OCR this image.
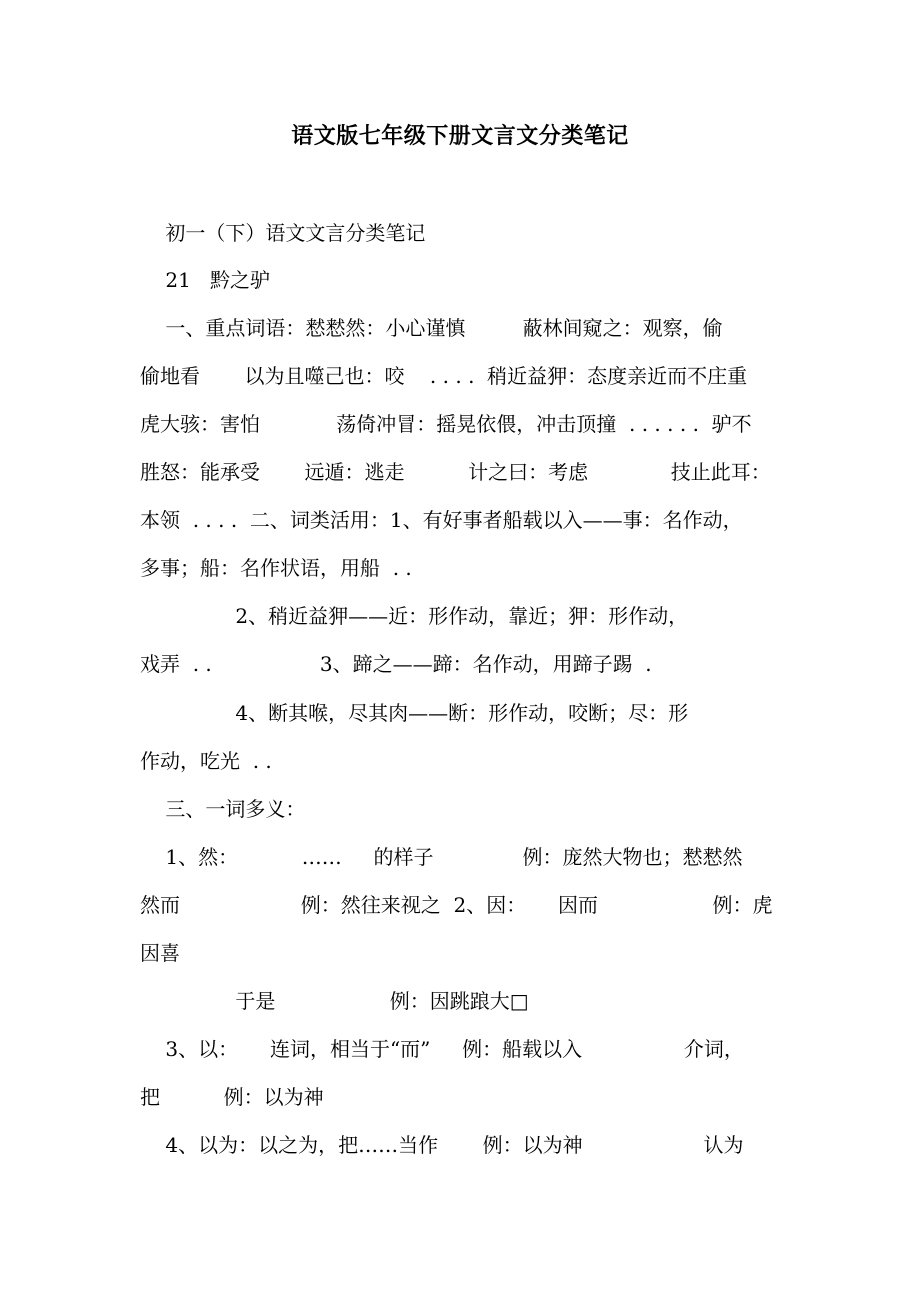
语文版七年级下册文言文分类笔记
初一（下）语文文言分类笔记
21   黔之驴
一、重点词语：慭慭然：小心谨慎         蔽林间窥之：观察，偷
偷地看       以为且噬己也：咬    . . . .  稍近益狎：态度亲近而不庄重
虎大骇：害怕            荡倚冲冒：摇晃依偎，冲击顶撞  . . . . . .  驴不
胜怒：能承受       远遁：逃走          计之曰：考虑             技止此耳：
本领  . . . .  二、词类活用：1、有好事者船载以入——事：名作动，
多事；船：名作状语，用船  . .
2、稍近益狎——近：形作动，靠近；狎：形作动，
戏弄  . .                 3、蹄之——蹄：名作动，用蹄子踢  .
4、断其喉，尽其肉——断：形作动，咬断；尽：形
作动，吃光  . .
三、一词多义：
1、然：          ……     的样子              例：庞然大物也；慭慭然
然而                   例：然往来视之  2、因：     因而                  例：虎
因喜
于是                  例：因跳踉大□
3、以：     连词，相当于“而”     例：船载以入                介词，
把          例：以为神
4、以为：以之为，把……当作       例：以为神                   认为
